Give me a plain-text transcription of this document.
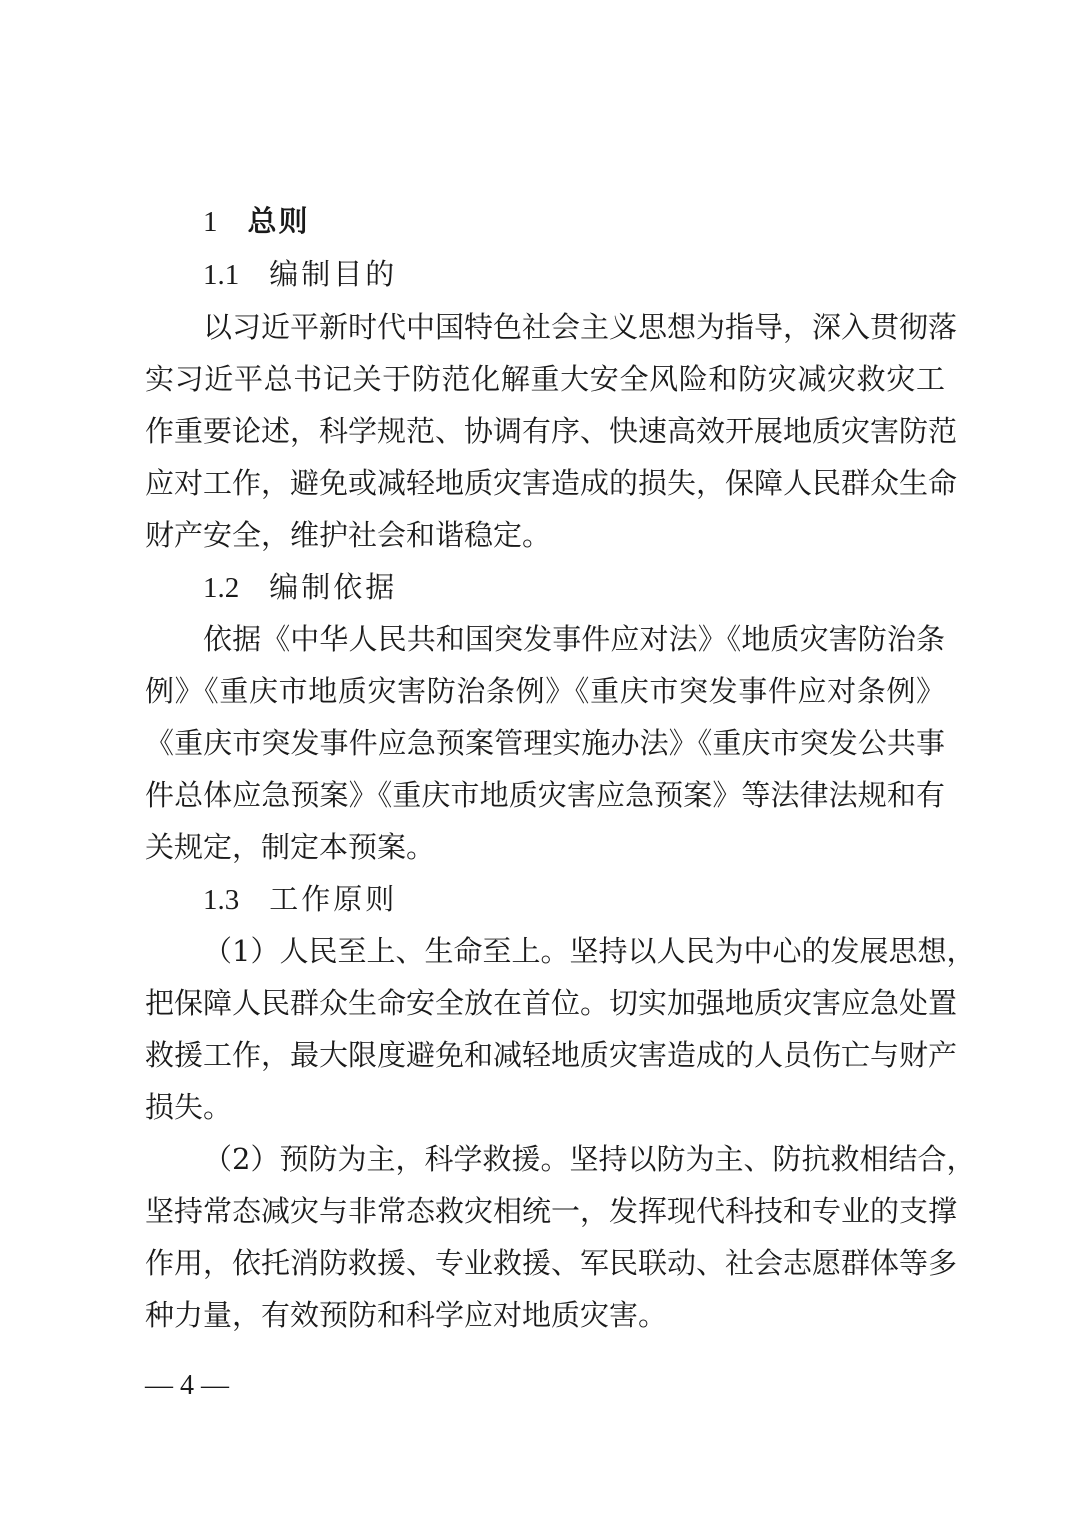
1 总则
1.1 编制目的
以习近平新时代中国特色社会主义思想为指导，深入贯彻落
实习近平总书记关于防范化解重大安全风险和防灾减灾救灾工
作重要论述，科学规范、协调有序、快速高效开展地质灾害防范
应对工作，避免或减轻地质灾害造成的损失，保障人民群众生命
财产安全，维护社会和谐稳定。
1.2 编制依据
依据《中华人民共和国突发事件应对法》《地质灾害防治条
例》《重庆市地质灾害防治条例》《重庆市突发事件应对条例》
《重庆市突发事件应急预案管理实施办法》《重庆市突发公共事
件总体应急预案》《重庆市地质灾害应急预案》等法律法规和有
关规定，制定本预案。
1.3 工作原则
（1）人民至上、生命至上。坚持以人民为中心的发展思想，
把保障人民群众生命安全放在首位。切实加强地质灾害应急处置
救援工作，最大限度避免和减轻地质灾害造成的人员伤亡与财产
损失。
（2）预防为主，科学救援。坚持以防为主、防抗救相结合，
坚持常态减灾与非常态救灾相统一，发挥现代科技和专业的支撑
作用，依托消防救援、专业救援、军民联动、社会志愿群体等多
种力量，有效预防和科学应对地质灾害。
— 4 —
